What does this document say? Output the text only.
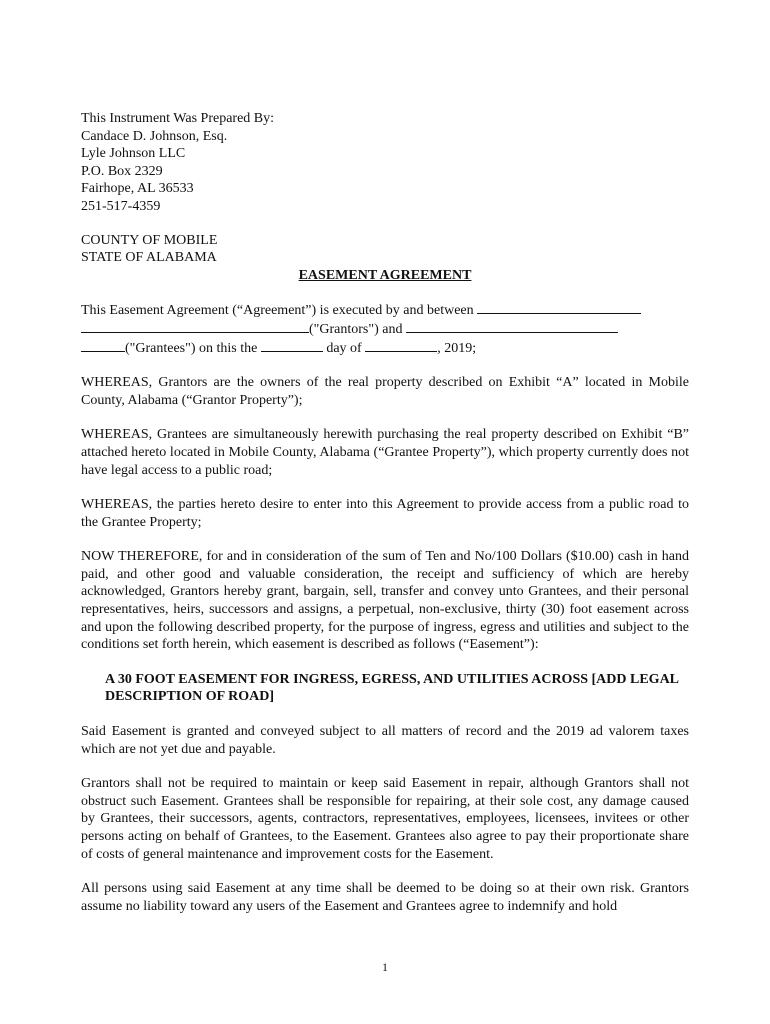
This Instrument Was Prepared By:
Candace D. Johnson, Esq.
Lyle Johnson LLC
P.O. Box 2329
Fairhope, AL 36533
251-517-4359
COUNTY OF MOBILE
STATE OF ALABAMA
EASEMENT AGREEMENT
This Easement Agreement (“Agreement”) is executed by and between
("Grantors") and
("Grantees") on this the	day of	, 2019;

WHEREAS, Grantors are the owners of the real property described on Exhibit “A” located in Mobile County, Alabama (“Grantor Property”);

WHEREAS, Grantees are simultaneously herewith purchasing the real property described on Exhibit “B” attached hereto located in Mobile County, Alabama (“Grantee Property”), which property currently does not have legal access to a public road;

WHEREAS, the parties hereto desire to enter into this Agreement to provide access from a public road to the Grantee Property;

NOW THEREFORE, for and in consideration of the sum of Ten and No/100 Dollars ($10.00) cash in hand paid, and other good and valuable consideration, the receipt and sufficiency of which are hereby acknowledged, Grantors hereby grant, bargain, sell, transfer and convey unto Grantees, and their personal representatives, heirs, successors and assigns, a perpetual, non-exclusive, thirty (30) foot easement across and upon the following described property, for the purpose of ingress, egress and utilities and subject to the conditions set forth herein, which easement is described as follows (“Easement”):

A 30 FOOT EASEMENT FOR INGRESS, EGRESS, AND UTILITIES ACROSS [ADD LEGAL DESCRIPTION OF ROAD]

Said Easement is granted and conveyed subject to all matters of record and the 2019 ad valorem taxes which are not yet due and payable.

Grantors shall not be required to maintain or keep said Easement in repair, although Grantors shall not obstruct such Easement. Grantees shall be responsible for repairing, at their sole cost, any damage caused by Grantees, their successors, agents, contractors, representatives, employees, licensees, invitees or other persons acting on behalf of Grantees, to the Easement. Grantees also agree to pay their proportionate share of costs of general maintenance and improvement costs for the Easement.

All persons using said Easement at any time shall be deemed to be doing so at their own risk. Grantors assume no liability toward any users of the Easement and Grantees agree to indemnify and hold

1
